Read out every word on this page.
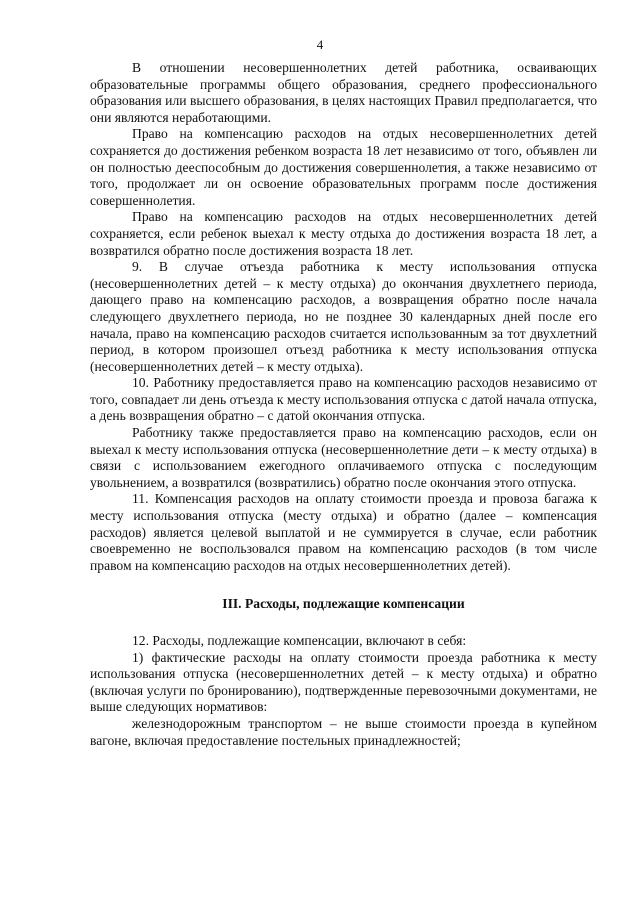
4

В отношении несовершеннолетних детей работника, осваивающих образовательные программы общего образования, среднего профессионального образования или высшего образования, в целях настоящих Правил предполагается, что они являются неработающими.

Право на компенсацию расходов на отдых несовершеннолетних детей сохраняется до достижения ребенком возраста 18 лет независимо от того, объявлен ли он полностью дееспособным до достижения совершеннолетия, а также независимо от того, продолжает ли он освоение образовательных программ после достижения совершеннолетия.

Право на компенсацию расходов на отдых несовершеннолетних детей сохраняется, если ребенок выехал к месту отдыха до достижения возраста 18 лет, а возвратился обратно после достижения возраста 18 лет.

9. В случае отъезда работника к месту использования отпуска (несовершеннолетних детей – к месту отдыха) до окончания двухлетнего периода, дающего право на компенсацию расходов, а возвращения обратно после начала следующего двухлетнего периода, но не позднее 30 календарных дней после его начала, право на компенсацию расходов считается использованным за тот двухлетний период, в котором произошел отъезд работника к месту использования отпуска (несовершеннолетних детей – к месту отдыха).

10. Работнику предоставляется право на компенсацию расходов независимо от того, совпадает ли день отъезда к месту использования отпуска с датой начала отпуска, а день возвращения обратно – с датой окончания отпуска.

Работнику также предоставляется право на компенсацию расходов, если он выехал к месту использования отпуска (несовершеннолетние дети – к месту отдыха) в связи с использованием ежегодного оплачиваемого отпуска с последующим увольнением, а возвратился (возвратились) обратно после окончания этого отпуска.

11. Компенсация расходов на оплату стоимости проезда и провоза багажа к месту использования отпуска (месту отдыха) и обратно (далее – компенсация расходов) является целевой выплатой и не суммируется в случае, если работник своевременно не воспользовался правом на компенсацию расходов (в том числе правом на компенсацию расходов на отдых несовершеннолетних детей).

III. Расходы, подлежащие компенсации

12. Расходы, подлежащие компенсации, включают в себя:

1) фактические расходы на оплату стоимости проезда работника к месту использования отпуска (несовершеннолетних детей – к месту отдыха) и обратно (включая услуги по бронированию), подтвержденные перевозочными документами, не выше следующих нормативов:

железнодорожным транспортом – не выше стоимости проезда в купейном вагоне, включая предоставление постельных принадлежностей;
